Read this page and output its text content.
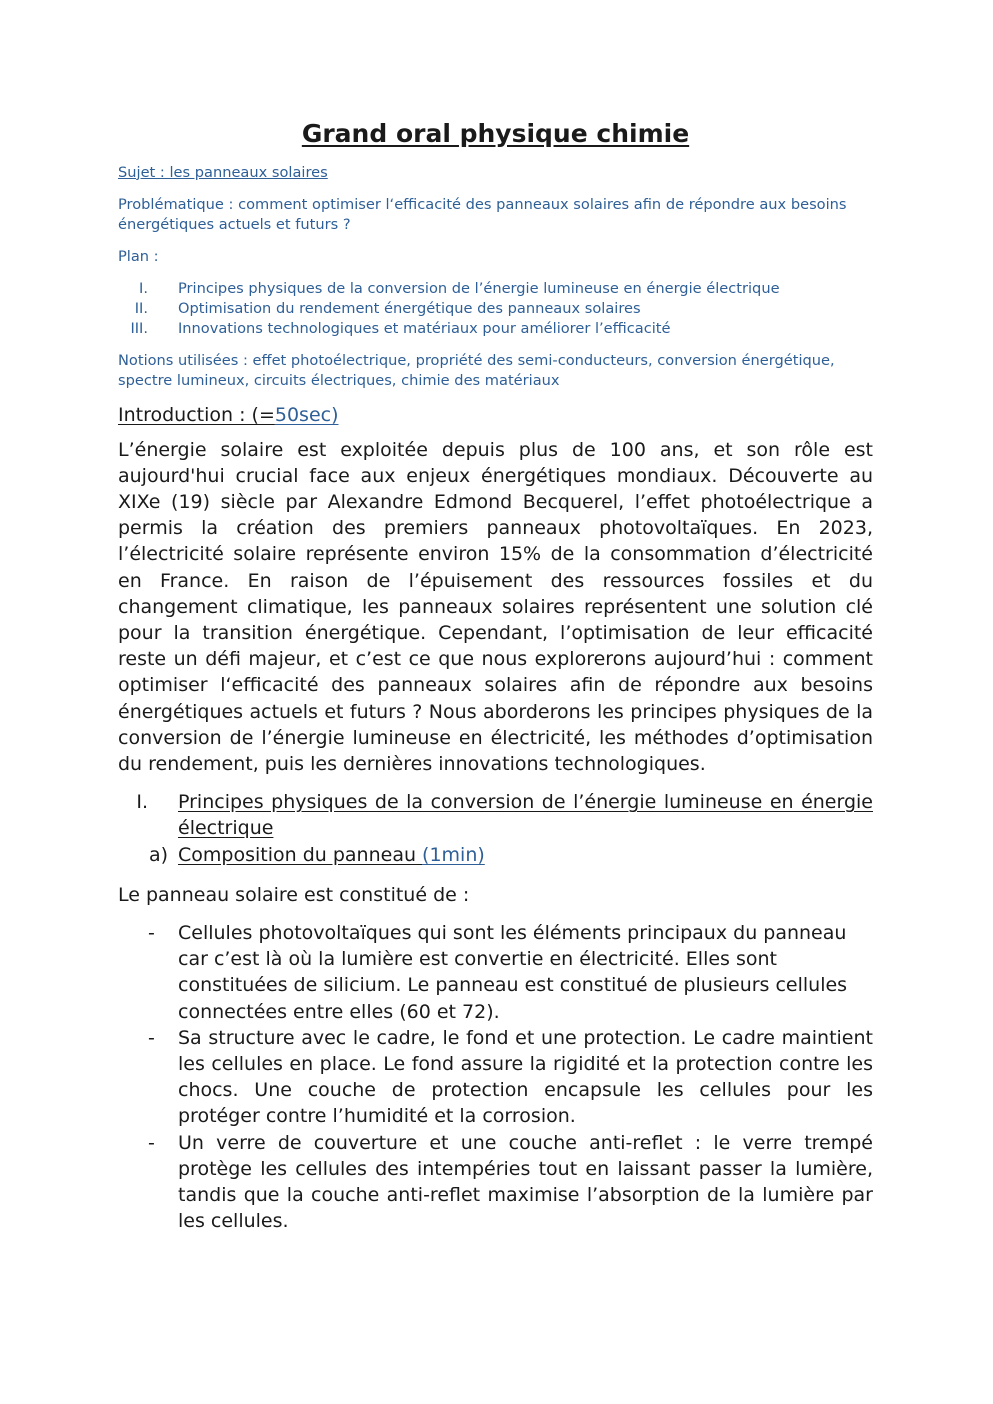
Grand oral physique chimie
Sujet : les panneaux solaires
Problématique : comment optimiser l‘efficacité des panneaux solaires afin de répondre aux besoins énergétiques actuels et futurs ?
Plan :
I. Principes physiques de la conversion de l’énergie lumineuse en énergie électrique
II. Optimisation du rendement énergétique des panneaux solaires
III. Innovations technologiques et matériaux pour améliorer l’efficacité
Notions utilisées : effet photoélectrique, propriété des semi-conducteurs, conversion énergétique, spectre lumineux, circuits électriques, chimie des matériaux
Introduction : (=50sec)

L’énergie solaire est exploitée depuis plus de 100 ans, et son rôle est aujourd'hui crucial face aux enjeux énergétiques mondiaux. Découverte au XIXe (19) siècle par Alexandre Edmond Becquerel, l’effet photoélectrique a permis la création des premiers panneaux photovoltaïques. En 2023, l’électricité solaire représente environ 15% de la consommation d’électricité en France. En raison de l’épuisement des ressources fossiles et du changement climatique, les panneaux solaires représentent une solution clé pour la transition énergétique. Cependant, l’optimisation de leur efficacité reste un défi majeur, et c’est ce que nous explorerons aujourd’hui : comment optimiser l‘efficacité des panneaux solaires afin de répondre aux besoins énergétiques actuels et futurs ? Nous aborderons les principes physiques de la conversion de l’énergie lumineuse en électricité, les méthodes d’optimisation du rendement, puis les dernières innovations technologiques.

I. Principes physiques de la conversion de l’énergie lumineuse en énergie électrique
a) Composition du panneau (1min)

Le panneau solaire est constitué de :

- Cellules photovoltaïques qui sont les éléments principaux du panneau car c’est là où la lumière est convertie en électricité. Elles sont constituées de silicium. Le panneau est constitué de plusieurs cellules connectées entre elles (60 et 72).
- Sa structure avec le cadre, le fond et une protection. Le cadre maintient les cellules en place. Le fond assure la rigidité et la protection contre les chocs. Une couche de protection encapsule les cellules pour les protéger contre l’humidité et la corrosion.
- Un verre de couverture et une couche anti-reflet : le verre trempé protège les cellules des intempéries tout en laissant passer la lumière, tandis que la couche anti-reflet maximise l’absorption de la lumière par les cellules.
